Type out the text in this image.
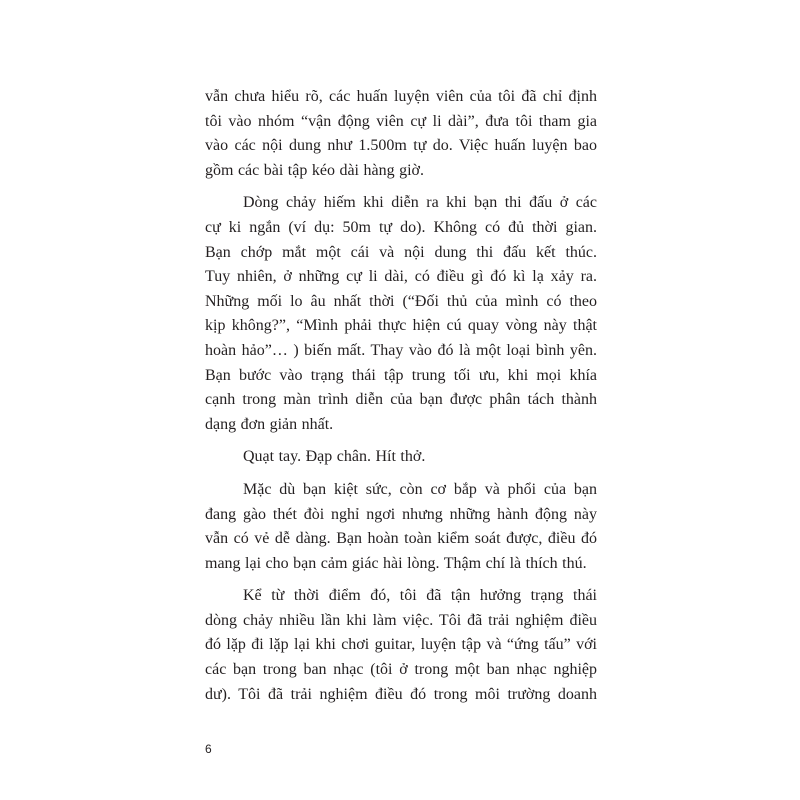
vẫn chưa hiểu rõ, các huấn luyện viên của tôi đã chỉ định
tôi vào nhóm “vận động viên cự li dài”, đưa tôi tham gia
vào các nội dung như 1.500m tự do. Việc huấn luyện bao
gồm các bài tập kéo dài hàng giờ.
Dòng chảy hiếm khi diễn ra khi bạn thi đấu ở các
cự ki ngắn (ví dụ: 50m tự do). Không có đủ thời gian.
Bạn chớp mắt một cái và nội dung thi đấu kết thúc.
Tuy nhiên, ở những cự li dài, có điều gì đó kì lạ xảy ra.
Những mối lo âu nhất thời (“Đối thủ của mình có theo
kịp không?”, “Mình phải thực hiện cú quay vòng này thật
hoàn hảo”… ) biến mất. Thay vào đó là một loại bình yên.
Bạn bước vào trạng thái tập trung tối ưu, khi mọi khía
cạnh trong màn trình diễn của bạn được phân tách thành
dạng đơn giản nhất.
Quạt tay. Đạp chân. Hít thở.
Mặc dù bạn kiệt sức, còn cơ bắp và phổi của bạn
đang gào thét đòi nghỉ ngơi nhưng những hành động này
vẫn có vẻ dễ dàng. Bạn hoàn toàn kiểm soát được, điều đó
mang lại cho bạn cảm giác hài lòng. Thậm chí là thích thú.
Kể từ thời điểm đó, tôi đã tận hưởng trạng thái
dòng chảy nhiều lần khi làm việc. Tôi đã trải nghiệm điều
đó lặp đi lặp lại khi chơi guitar, luyện tập và “ứng tấu” với
các bạn trong ban nhạc (tôi ở trong một ban nhạc nghiệp
dư). Tôi đã trải nghiệm điều đó trong môi trường doanh
6
